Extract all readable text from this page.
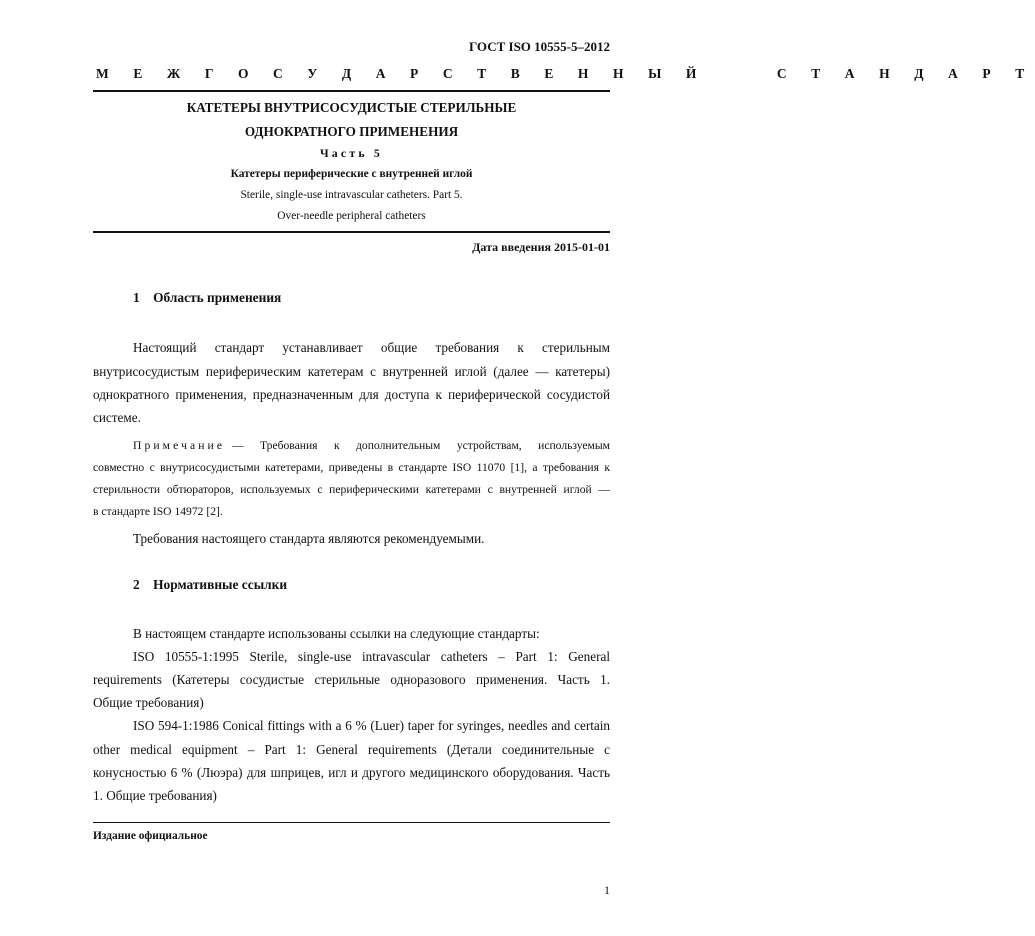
ГОСТ ISO 10555-5–2012
М Е Ж Г О С У Д А Р С Т В Е Н Н Ы Й     С Т А Н Д А Р Т
КАТЕТЕРЫ ВНУТРИСОСУДИСТЫЕ СТЕРИЛЬНЫЕ
ОДНОКРАТНОГО ПРИМЕНЕНИЯ
Часть 5
Катетеры периферические с внутренней иглой
Sterile, single-use intravascular catheters. Part 5.
Over-needle peripheral catheters
Дата введения 2015-01-01
1    Область применения
Настоящий стандарт устанавливает общие требования к стерильным
внутрисосудистым периферическим катетерам с внутренней иглой (далее — катетеры)
однократного применения, предназначенным для доступа к периферической сосудистой
системе.
Примечание — Требования к дополнительным устройствам, используемым
совместно с внутрисосудистыми катетерами, приведены в стандарте ISO 11070 [1], а требования к
стерильности обтюраторов, используемых с периферическими катетерами с внутренней иглой —
в стандарте ISO 14972 [2].
Требования настоящего стандарта являются рекомендуемыми.
2    Нормативные ссылки
В настоящем стандарте использованы ссылки на следующие стандарты:
ISO 10555-1:1995 Sterile, single-use intravascular catheters – Part 1: General
requirements (Катетеры сосудистые стерильные одноразового применения. Часть 1.
Общие требования)
ISO 594-1:1986 Conical fittings with a 6 % (Luer) taper for syringes, needles and certain
other medical equipment – Part 1: General requirements (Детали соединительные с
конусностью 6 % (Люэра) для шприцев, игл и другого медицинского оборудования. Часть
1. Общие требования)
Издание официальное
1
